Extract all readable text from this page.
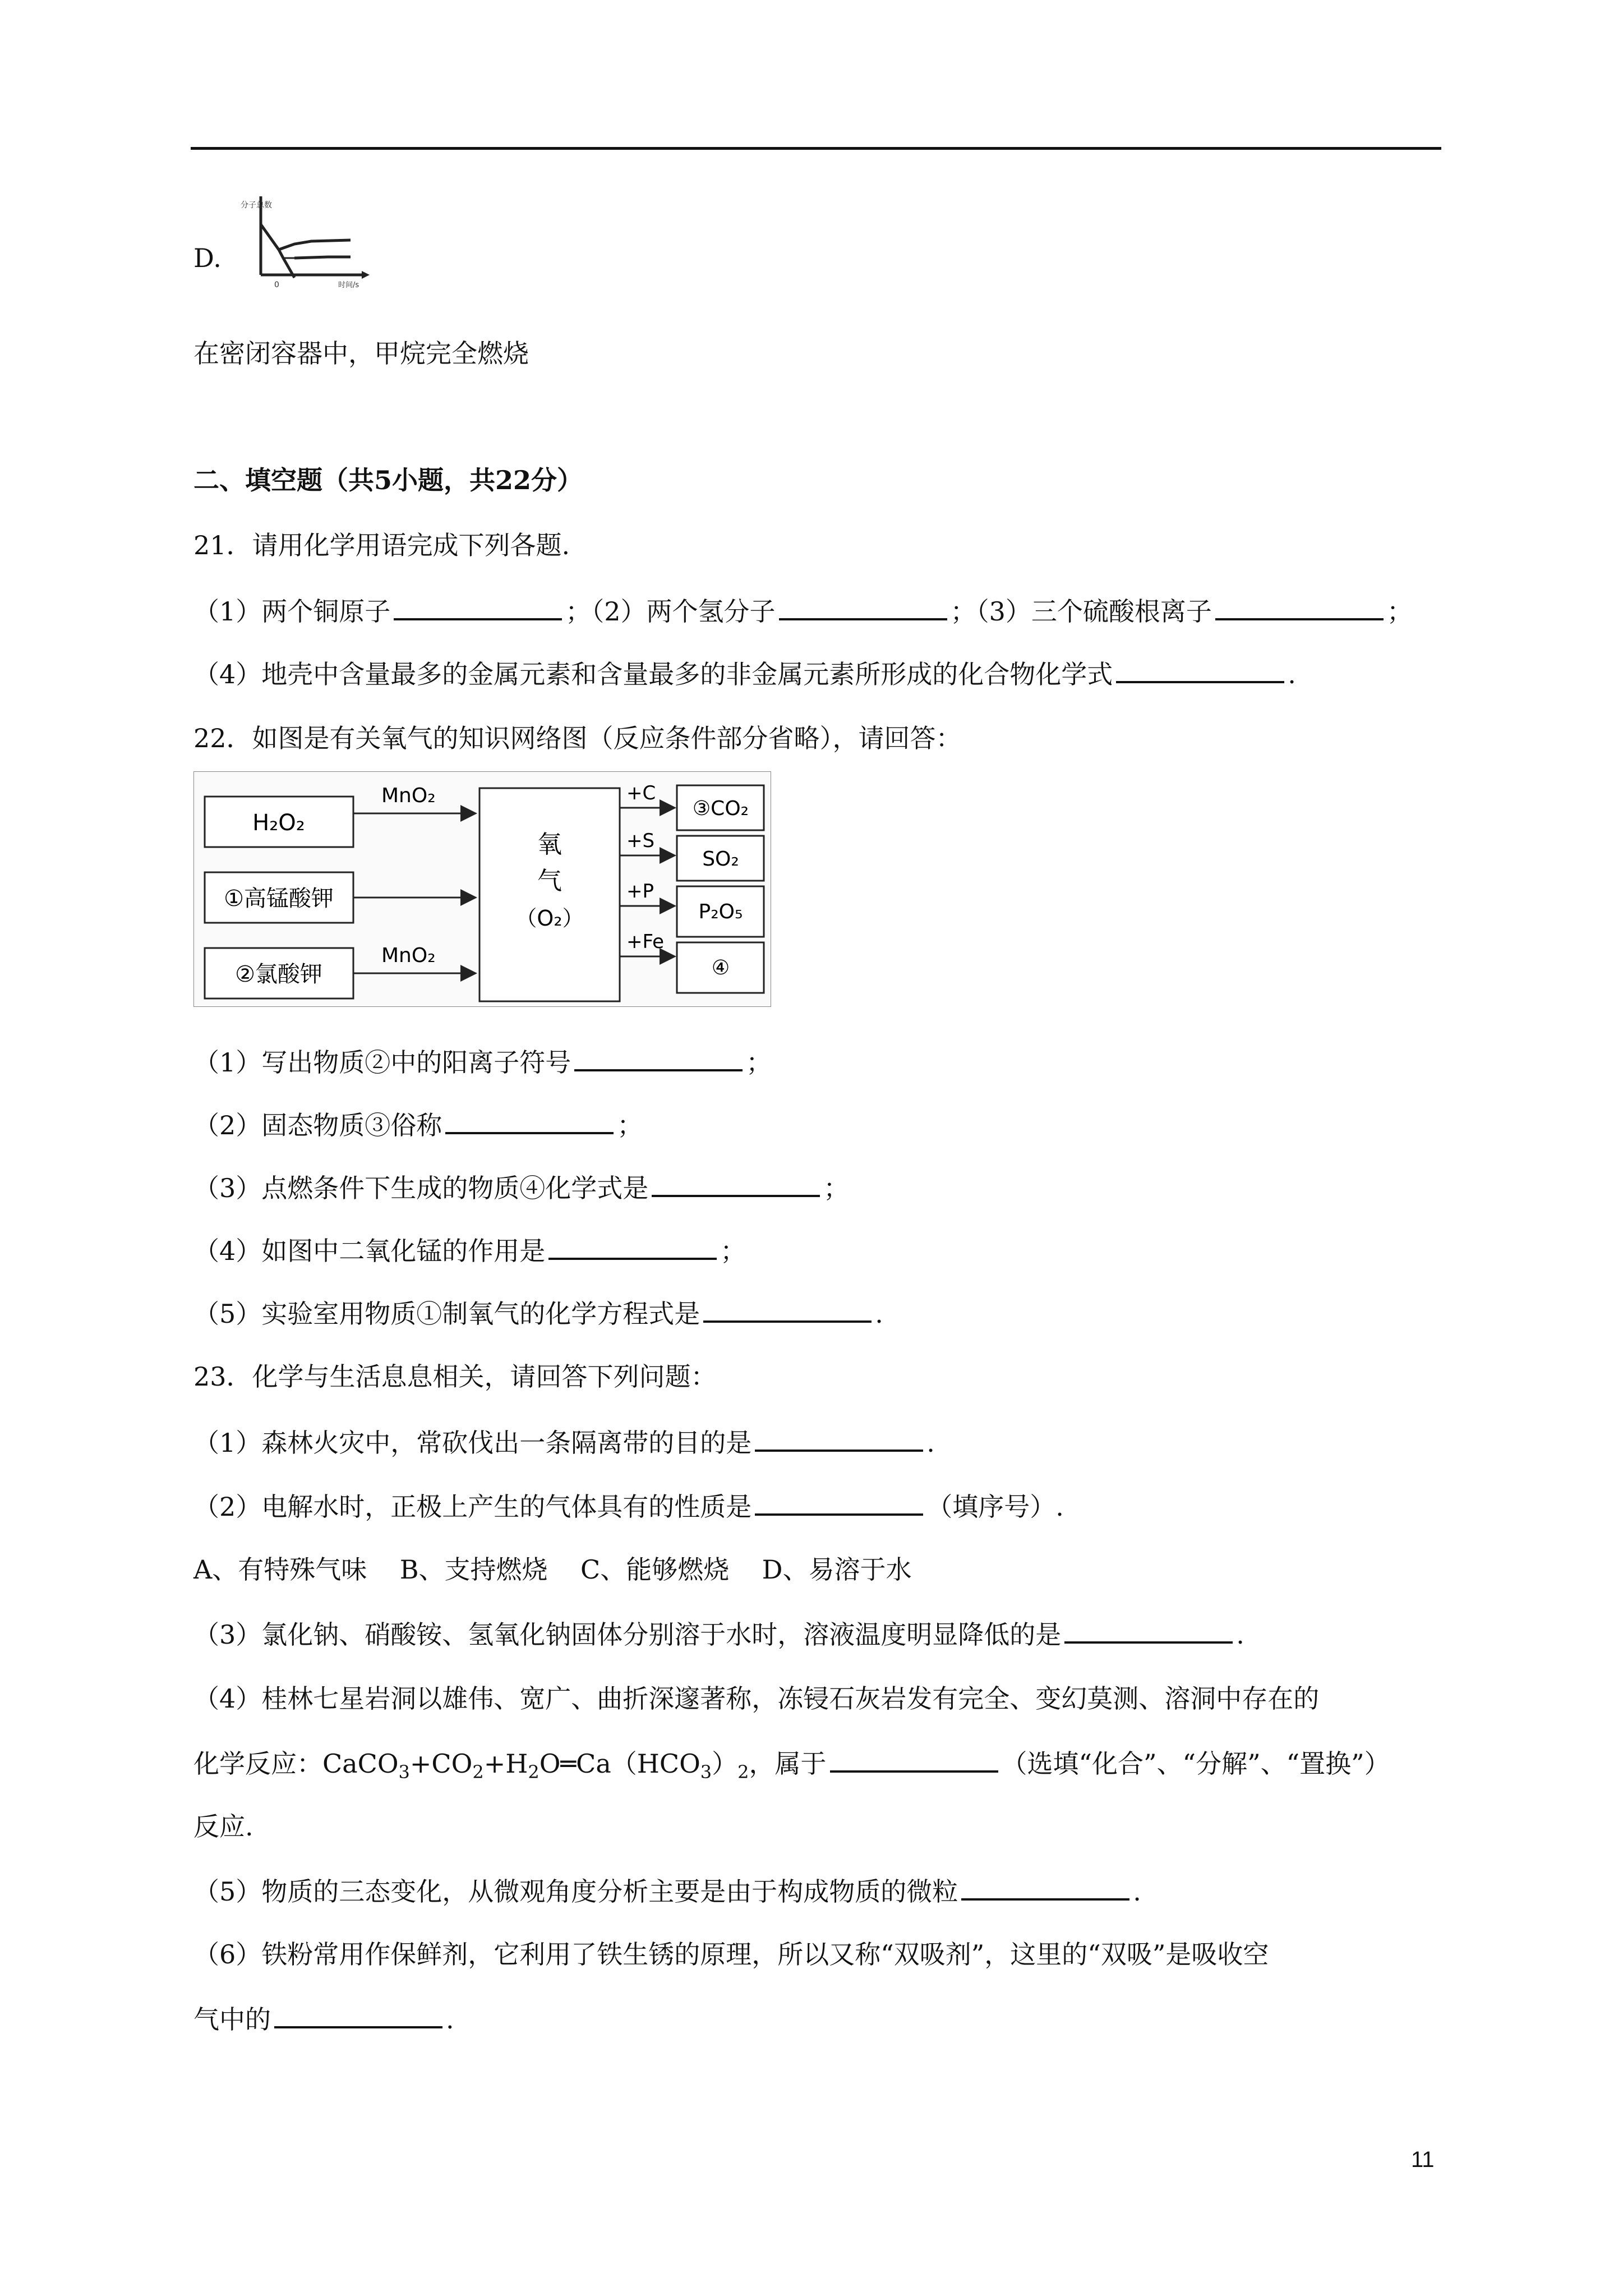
D.
分子总数
0	时间/s
在密闭容器中，甲烷完全燃烧
二、填空题（共5小题，共22分）
21．请用化学用语完成下列各题.
（1）两个铜原子	；（2）两个氢分子	；（3）三个硫酸根离子	；
（4）地壳中含量最多的金属元素和含量最多的非金属元素所形成的化合物化学式	.
22．如图是有关氧气的知识网络图（反应条件部分省略），请回答：
H₂O₂
①高锰酸钾
②氯酸钾
MnO₂
MnO₂
氧
气
（O₂）
+C
+S
+P
+Fe
③CO₂
SO₂
P₂O₅
④
（1）写出物质②中的阳离子符号	；
（2）固态物质③俗称	；
（3）点燃条件下生成的物质④化学式是	；
（4）如图中二氧化锰的作用是	；
（5）实验室用物质①制氧气的化学方程式是	.
23．化学与生活息息相关，请回答下列问题：
（1）森林火灾中，常砍伐出一条隔离带的目的是	.
（2）电解水时，正极上产生的气体具有的性质是	（填序号）.
A、有特殊气味    B、支持燃烧    C、能够燃烧    D、易溶于水
（3）氯化钠、硝酸铵、氢氧化钠固体分别溶于水时，溶液温度明显降低的是	.
（4）桂林七星岩洞以雄伟、宽广、曲折深邃著称，冻锓石灰岩发有完全、变幻莫测、溶洞中存在的
化学反应：$CaCO_3+CO_2+H_2O═Ca(HCO_3)_2$，属于	（选填“化合”、“分解”、“置换”）
反应.
（5）物质的三态变化，从微观角度分析主要是由于构成物质的微粒	.
（6）铁粉常用作保鲜剂，它利用了铁生锈的原理，所以又称“双吸剂”，这里的“双吸”是吸收空
气中的	.
11
